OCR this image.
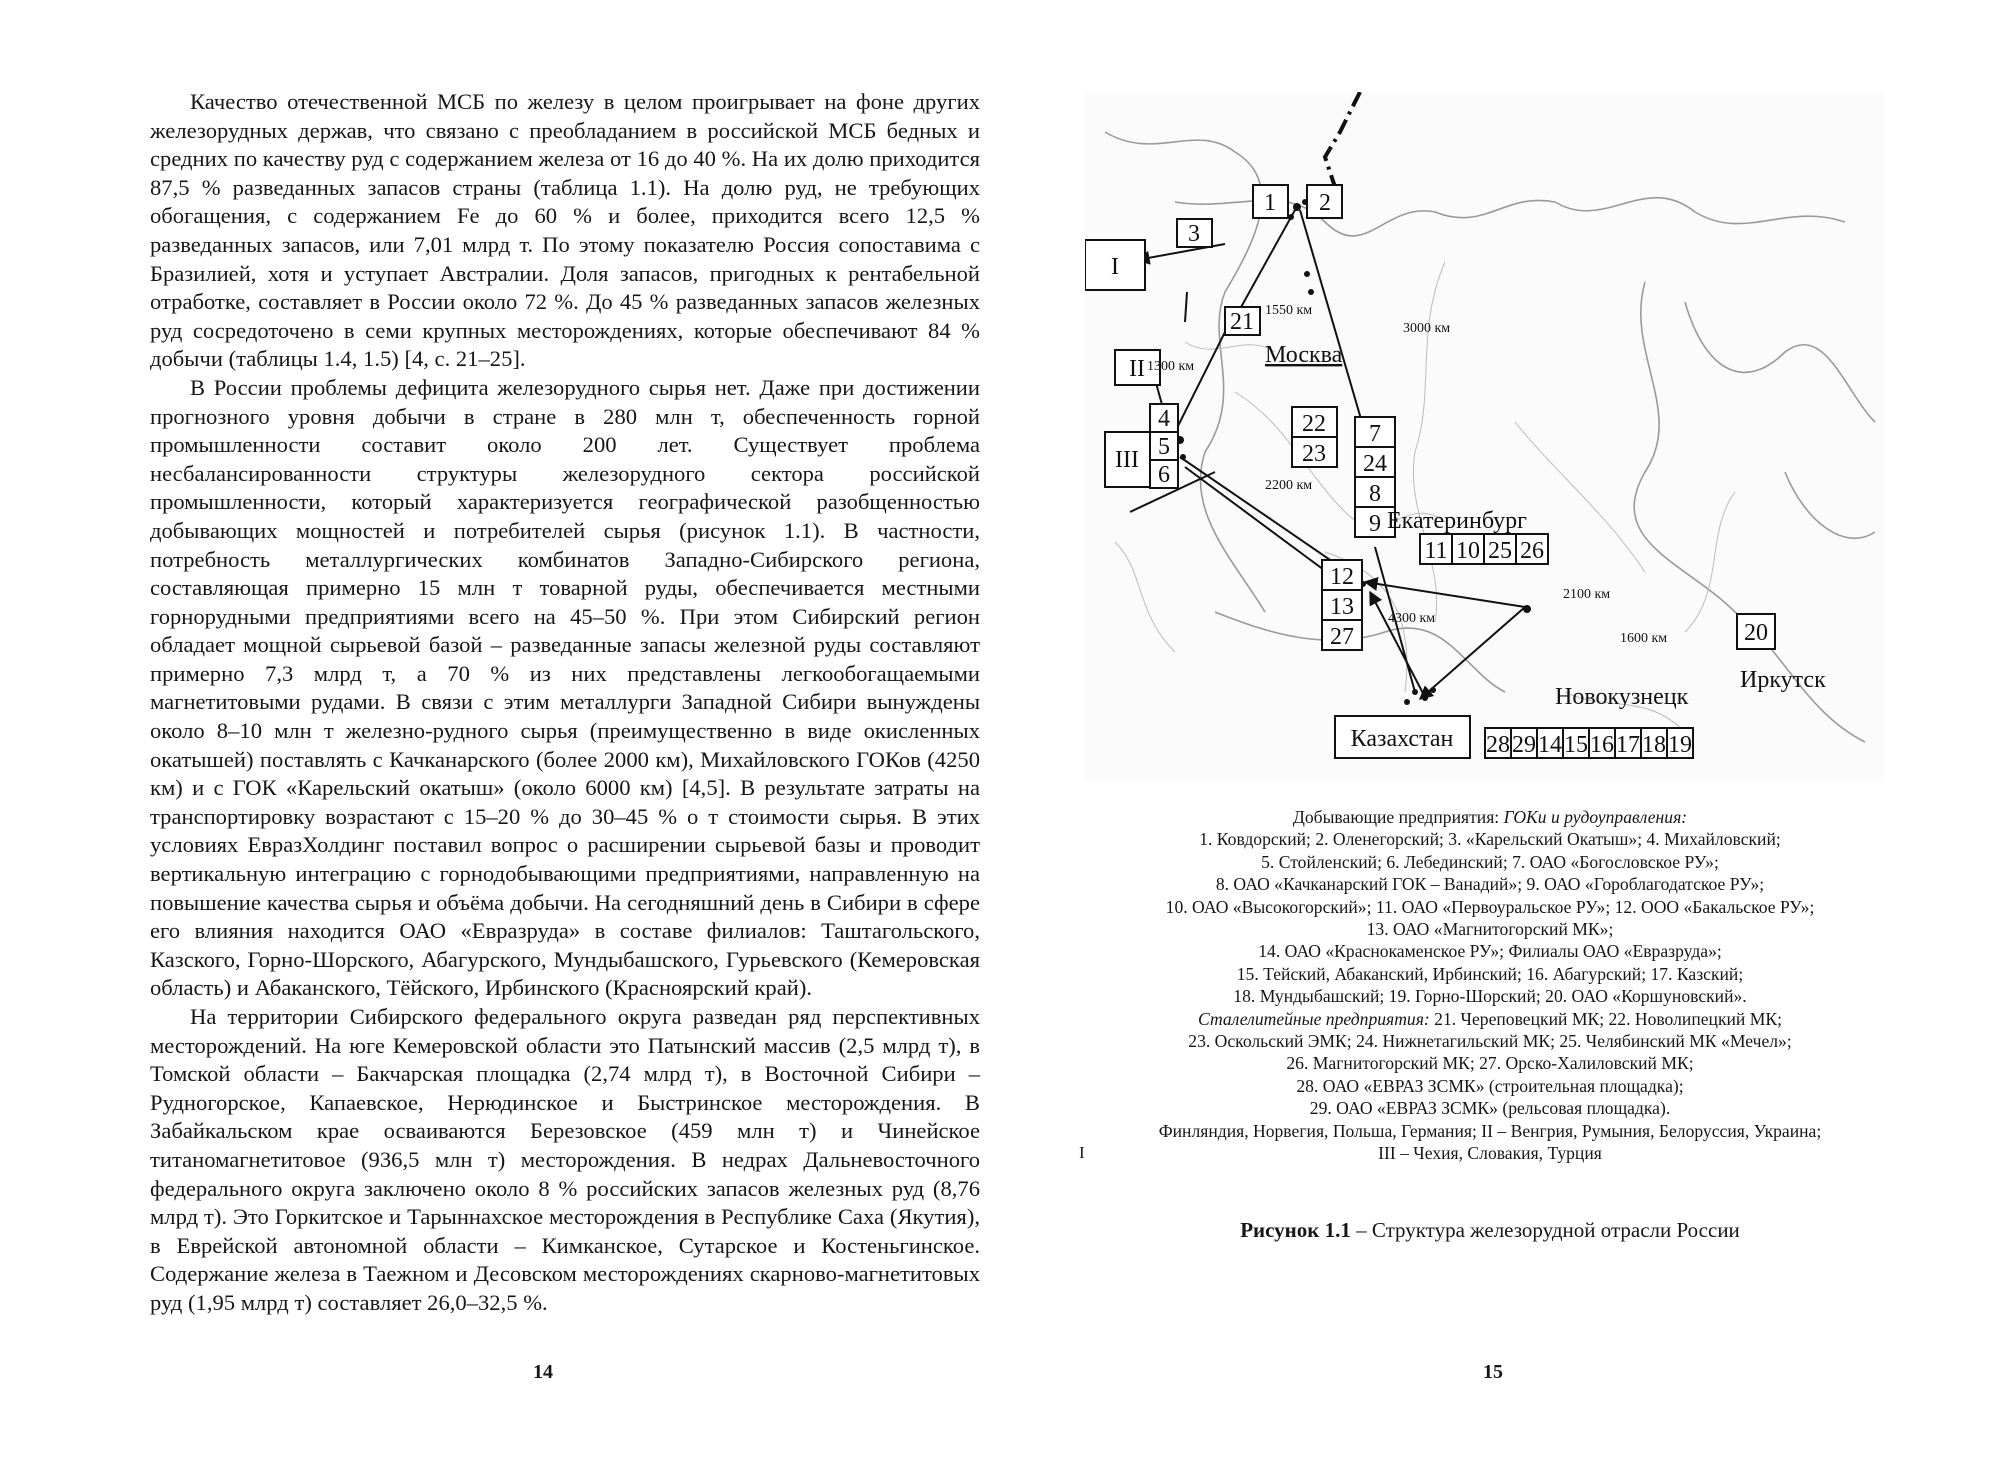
Качество отечественной МСБ по железу в целом проигрывает на фоне других железорудных держав, что связано с преобладанием в российской МСБ бедных и средних по качеству руд с содержанием железа от 16 до 40 %. На их долю приходится 87,5 % разведанных запасов страны (таблица 1.1). На долю руд, не требующих обогащения, с содержанием Fe до 60 % и более, приходится всего 12,5 % разведанных запасов, или 7,01 млрд т. По этому показателю Россия сопоставима с Бразилией, хотя и уступает Австралии. Доля запасов, пригодных к рентабельной отработке, составляет в России около 72 %. До 45 % разведанных запасов железных руд сосредоточено в семи крупных месторождениях, которые обеспечивают 84 % добычи (таблицы 1.4, 1.5) [4, с. 21–25].

В России проблемы дефицита железорудного сырья нет. Даже при достижении прогнозного уровня добычи в стране в 280 млн т, обеспеченность горной промышленности составит около 200 лет. Существует проблема несбалансированности структуры железорудного сектора российской промышленности, который характеризуется географической разобщенностью добывающих мощностей и потребителей сырья (рисунок 1.1). В частности, потребность металлургических комбинатов Западно-Сибирского региона, составляющая примерно 15 млн т товарной руды, обеспечивается местными горнорудными предприятиями всего на 45–50 %. При этом Сибирский регион обладает мощной сырьевой базой – разведанные запасы железной руды составляют примерно 7,3 млрд т, а 70 % из них представлены легкообогащаемыми магнетитовыми рудами. В связи с этим металлурги Западной Сибири вынуждены около 8–10 млн т железно-рудного сырья (преимущественно в виде окисленных окатышей) поставлять с Качканарского (более 2000 км), Михайловского ГОКов (4250 км) и с ГОК «Карельский окатыш» (около 6000 км) [4,5]. В результате затраты на транспортировку возрастают с 15–20 % до 30–45 % о т стоимости сырья. В этих условиях ЕвразХолдинг поставил вопрос о расширении сырьевой базы и проводит вертикальную интеграцию с горнодобывающими предприятиями, направленную на повышение качества сырья и объёма добычи. На сегодняшний день в Сибири в сфере его влияния находится ОАО «Евразруда» в составе филиалов: Таштагольского, Казского, Горно-Шорского, Абагурского, Мундыбашского, Гурьевского (Кемеровская область) и Абаканского, Тёйского, Ирбинского (Красноярский край).

На территории Сибирского федерального округа разведан ряд перспективных месторождений. На юге Кемеровской области это Патынский массив (2,5 млрд т), в Томской области – Бакчарская площадка (2,74 млрд т), в Восточной Сибири – Рудногорское, Капаевское, Нерюдинское и Быстринское месторождения. В Забайкальском крае осваиваются Березовское (459 млн т) и Чинейское титаномагнетитовое (936,5 млн т) месторождения. В недрах Дальневосточного федерального округа заключено около 8 % российских запасов железных руд (8,76 млрд т). Это Горкитское и Тарыннахское месторождения в Республике Саха (Якутия), в Еврейской автономной области – Кимканское, Сутарское и Костеньгинское. Содержание железа в Таежном и Десовском месторождениях скарново-магнетитовых руд (1,95 млрд т) составляет 26,0–32,5 %.

14
1 2
3
21
22
23
4
5
6
7
24
8
9
11 10 25 26
12
13
27	20
28 29 14 15 16 17 18 19
I
II
III
Казахстан
Москва
Екатеринбург
Новокузнецк
Иркутск
1550 км
3000 км
1300 км
2200 км
2100 км
4300 км
1600 км
Добывающие предприятия: ГОКи и рудоуправления:
1. Ковдорский; 2. Оленегорский; 3. «Карельский Окатыш»; 4. Михайловский;
5. Стойленский; 6. Лебединский; 7. ОАО «Богословское РУ»;
8. ОАО «Качканарский ГОК – Ванадий»; 9. ОАО «Гороблагодатское РУ»;
10. ОАО «Высокогорский»; 11. ОАО «Первоуральское РУ»; 12. ООО «Бакальское РУ»;
13. ОАО «Магнитогорский МК»;
14. ОАО «Краснокаменское РУ»; Филиалы ОАО «Евразруда»;
15. Тейский, Абаканский, Ирбинский; 16. Абагурский; 17. Казский;
18. Мундыбашский; 19. Горно-Шорский; 20. ОАО «Коршуновский».
Сталелитейные предприятия: 21. Череповецкий МК; 22. Новолипецкий МК;
23. Оскольский ЭМК; 24. Нижнетагильский МК; 25. Челябинский МК «Мечел»;
26. Магнитогорский МК; 27. Орско-Халиловский МК;
28. ОАО «ЕВРАЗ ЗСМК» (строительная площадка);
29. ОАО «ЕВРАЗ ЗСМК» (рельсовая площадка).
Финляндия, Норвегия, Польша, Германия; II – Венгрия, Румыния, Белоруссия, Украина;
III – Чехия, Словакия, Турция
I
Рисунок 1.1 – Структура железорудной отрасли России
15
